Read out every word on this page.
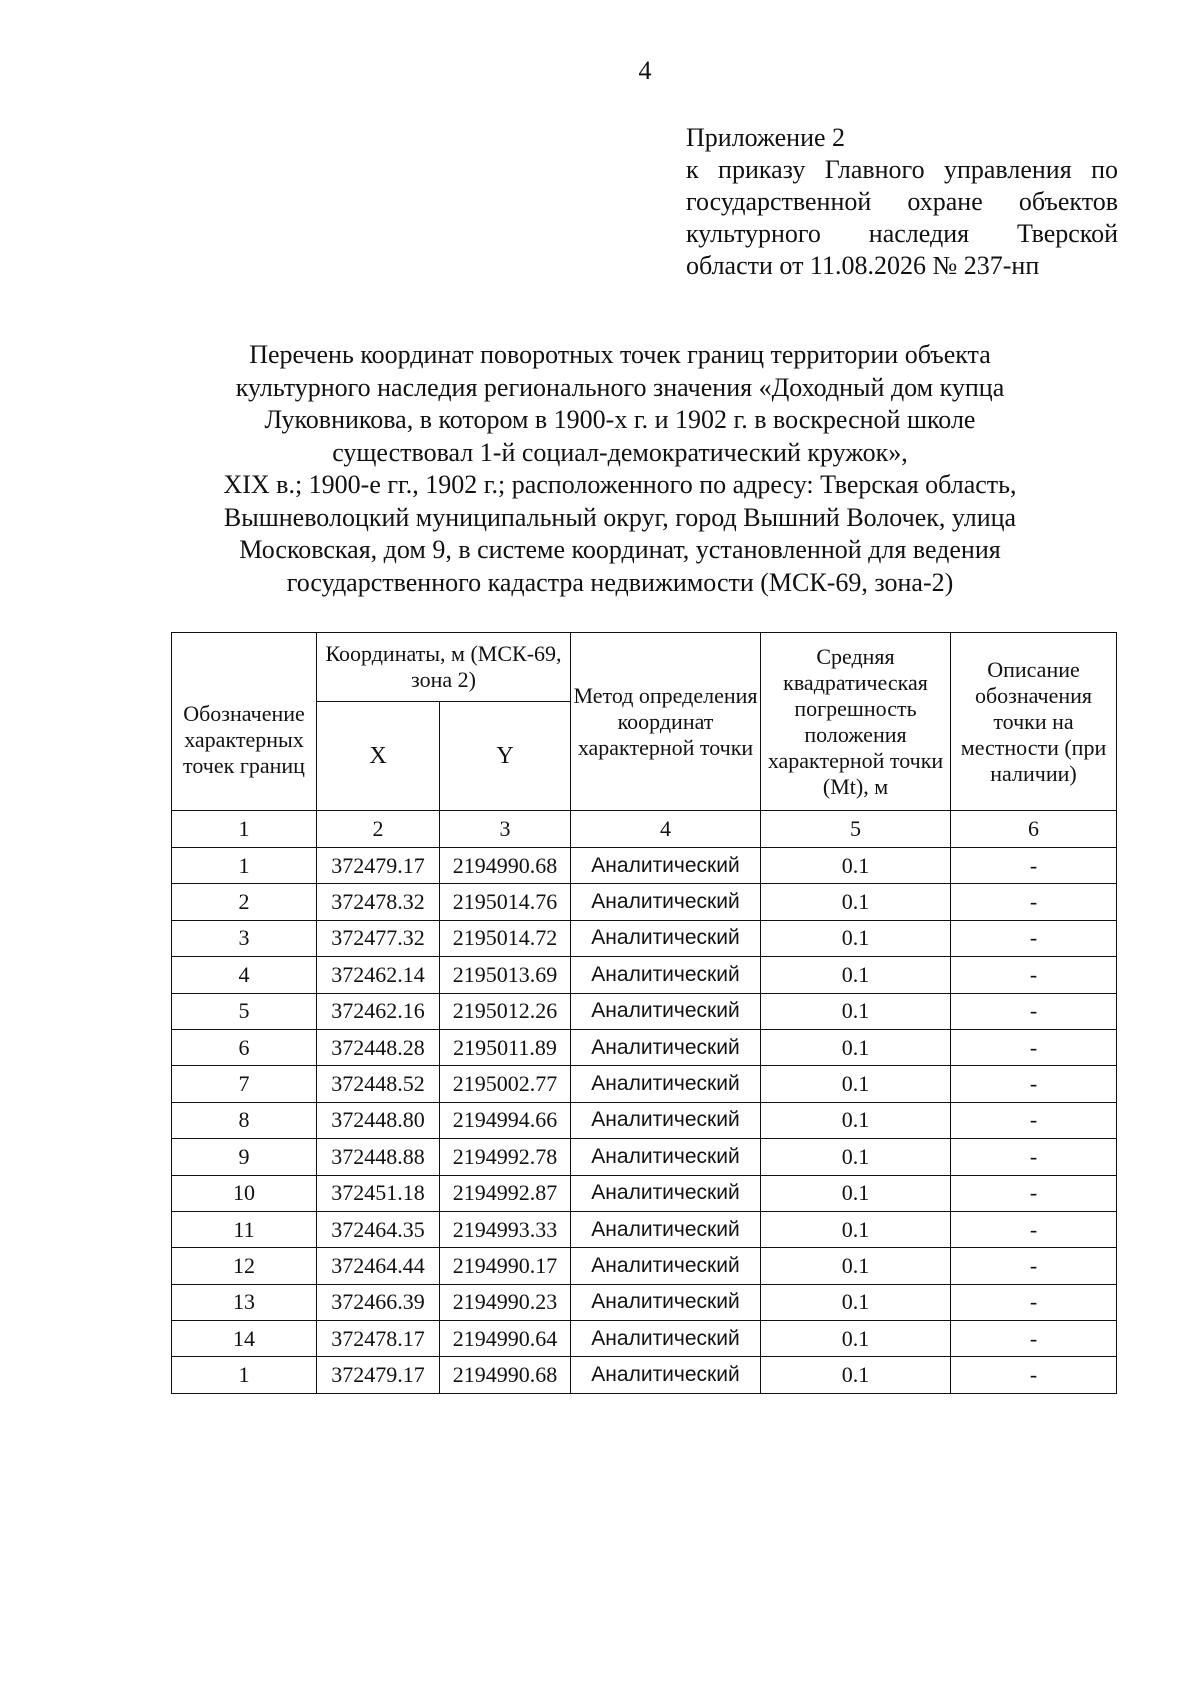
4
Приложение 2
к приказу Главного управления по
государственной охране объектов
культурного наследия Тверской
области от 11.08.2026 № 237-нп
Перечень координат поворотных точек границ территории объекта
культурного наследия регионального значения «Доходный дом купца
Луковникова, в котором в 1900-х г. и 1902 г. в воскресной школе
существовал 1-й социал-демократический кружок»,
XIX в.; 1900-е гг., 1902 г.; расположенного по адресу: Тверская область,
Вышневолоцкий муниципальный округ, город Вышний Волочек, улица
Московская, дом 9, в системе координат, установленной для ведения
государственного кадастра недвижимости (МСК-69, зона-2)
Обозначение характерных точек границ	Координаты, м (МСК-69, зона 2)		Метод определения координат характерной точки	Средняя квадратическая погрешность положения характерной точки (Mt), м	Описание обозначения точки на местности (при наличии)
	X	Y			
1	2	3	4	5	6
1	372479.17	2194990.68	Аналитический	0.1	-
2	372478.32	2195014.76	Аналитический	0.1	-
3	372477.32	2195014.72	Аналитический	0.1	-
4	372462.14	2195013.69	Аналитический	0.1	-
5	372462.16	2195012.26	Аналитический	0.1	-
6	372448.28	2195011.89	Аналитический	0.1	-
7	372448.52	2195002.77	Аналитический	0.1	-
8	372448.80	2194994.66	Аналитический	0.1	-
9	372448.88	2194992.78	Аналитический	0.1	-
10	372451.18	2194992.87	Аналитический	0.1	-
11	372464.35	2194993.33	Аналитический	0.1	-
12	372464.44	2194990.17	Аналитический	0.1	-
13	372466.39	2194990.23	Аналитический	0.1	-
14	372478.17	2194990.64	Аналитический	0.1	-
1	372479.17	2194990.68	Аналитический	0.1	-
